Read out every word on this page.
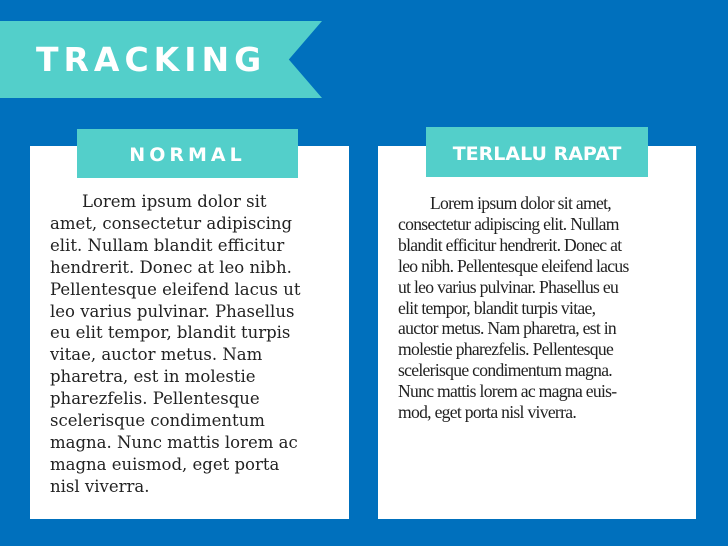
TRACKING
NORMAL	TERLALU RAPAT

Lorem ipsum dolor sit
amet, consectetur adipiscing
elit. Nullam blandit efficitur
hendrerit. Donec at leo nibh.
Pellentesque eleifend lacus ut
leo varius pulvinar. Phasellus
eu elit tempor, blandit turpis
vitae, auctor metus. Nam
pharetra, est in molestie
pharezfelis. Pellentesque
scelerisque condimentum
magna. Nunc mattis lorem ac
magna euismod, eget porta
nisl viverra.

Lorem ipsum dolor sit amet,
consectetur adipiscing elit. Nullam
blandit efficitur hendrerit. Donec at
leo nibh. Pellentesque eleifend lacus
ut leo varius pulvinar. Phasellus eu
elit tempor, blandit turpis vitae,
auctor metus. Nam pharetra, est in
molestie pharezfelis. Pellentesque
scelerisque condimentum magna.
Nunc mattis lorem ac magna euis-
mod, eget porta nisl viverra.
